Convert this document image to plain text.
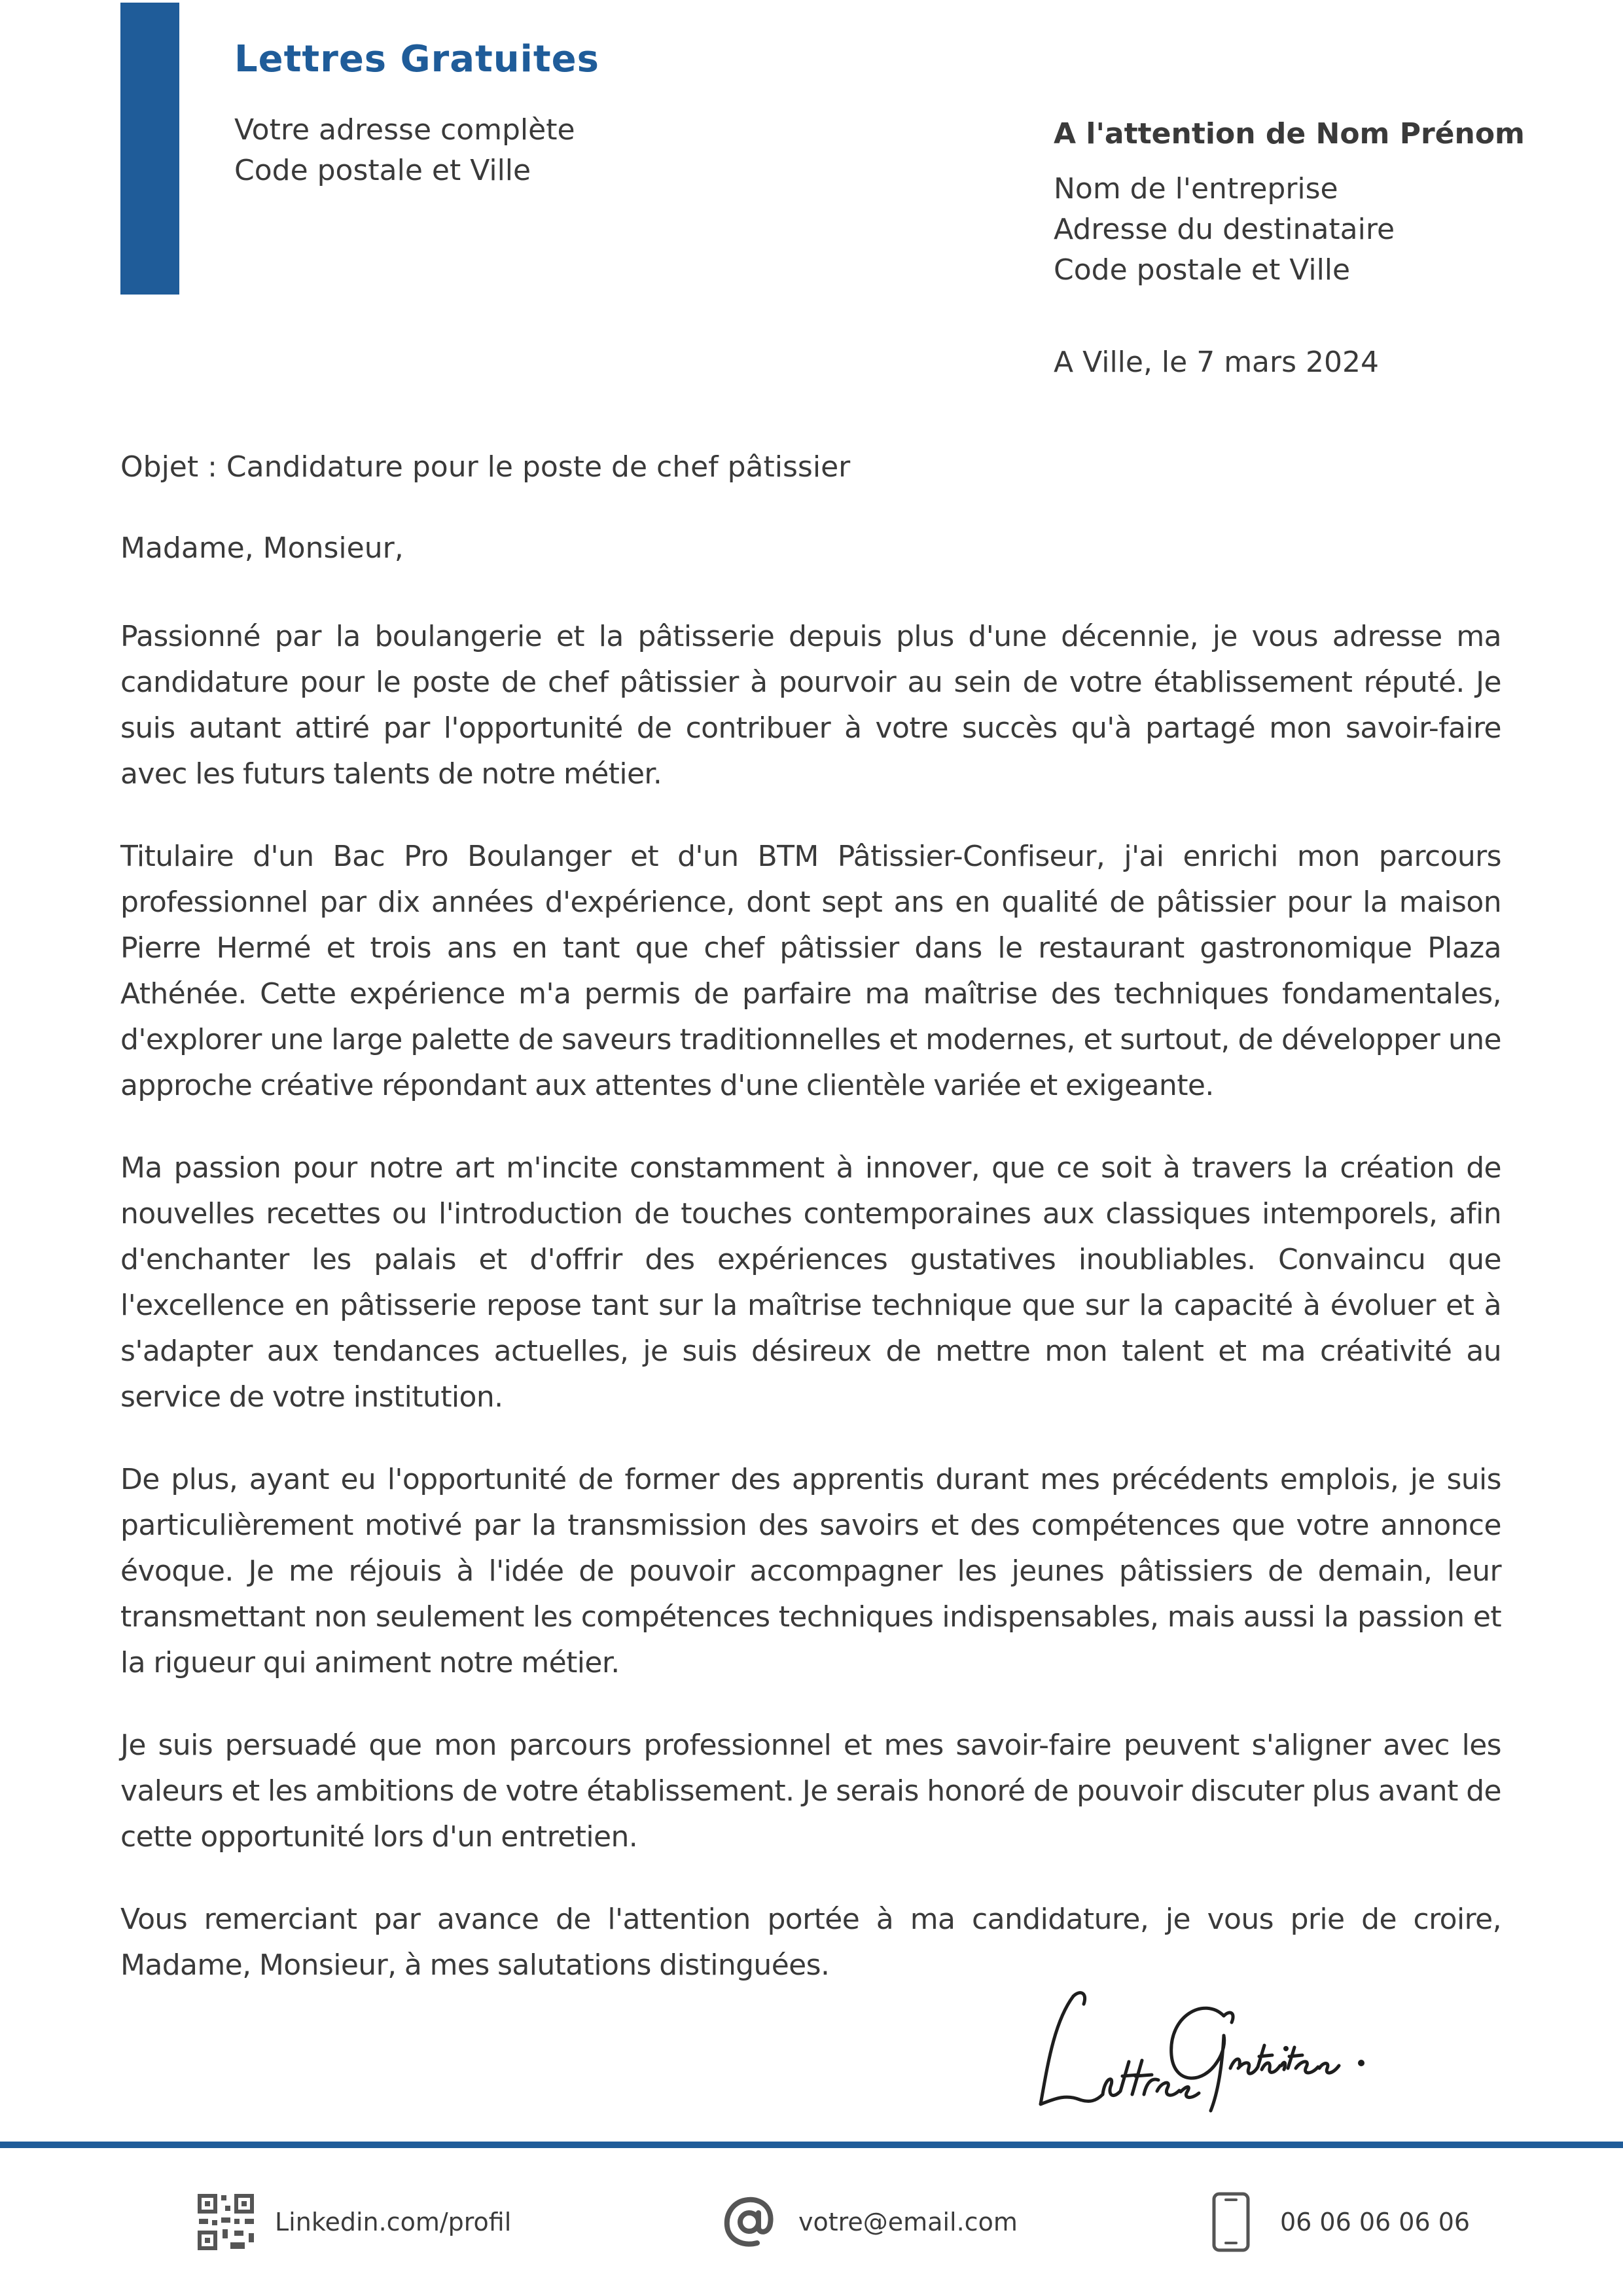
Lettres Gratuites
Votre adresse complète
Code postale et Ville
A l'attention de Nom Prénom
Nom de l'entreprise
Adresse du destinataire
Code postale et Ville
A Ville, le 7 mars 2024
Objet : Candidature pour le poste de chef pâtissier
Madame, Monsieur,

Passionné par la boulangerie et la pâtisserie depuis plus d'une décennie, je vous adresse ma candidature pour le poste de chef pâtissier à pourvoir au sein de votre établissement réputé. Je suis autant attiré par l'opportunité de contribuer à votre succès qu'à partagé mon savoir-faire avec les futurs talents de notre métier.

Titulaire d'un Bac Pro Boulanger et d'un BTM Pâtissier-Confiseur, j'ai enrichi mon parcours professionnel par dix années d'expérience, dont sept ans en qualité de pâtissier pour la maison Pierre Hermé et trois ans en tant que chef pâtissier dans le restaurant gastronomique Plaza Athénée. Cette expérience m'a permis de parfaire ma maîtrise des techniques fondamentales, d'explorer une large palette de saveurs traditionnelles et modernes, et surtout, de développer une approche créative répondant aux attentes d'une clientèle variée et exigeante.

Ma passion pour notre art m'incite constamment à innover, que ce soit à travers la création de nouvelles recettes ou l'introduction de touches contemporaines aux classiques intemporels, afin d'enchanter les palais et d'offrir des expériences gustatives inoubliables. Convaincu que l'excellence en pâtisserie repose tant sur la maîtrise technique que sur la capacité à évoluer et à s'adapter aux tendances actuelles, je suis désireux de mettre mon talent et ma créativité au service de votre institution.

De plus, ayant eu l'opportunité de former des apprentis durant mes précédents emplois, je suis particulièrement motivé par la transmission des savoirs et des compétences que votre annonce évoque. Je me réjouis à l'idée de pouvoir accompagner les jeunes pâtissiers de demain, leur transmettant non seulement les compétences techniques indispensables, mais aussi la passion et la rigueur qui animent notre métier.

Je suis persuadé que mon parcours professionnel et mes savoir-faire peuvent s'aligner avec les valeurs et les ambitions de votre établissement. Je serais honoré de pouvoir discuter plus avant de cette opportunité lors d'un entretien.

Vous remerciant par avance de l'attention portée à ma candidature, je vous prie de croire, Madame, Monsieur, à mes salutations distinguées.

Linkedin.com/profil	votre@email.com	06 06 06 06 06
